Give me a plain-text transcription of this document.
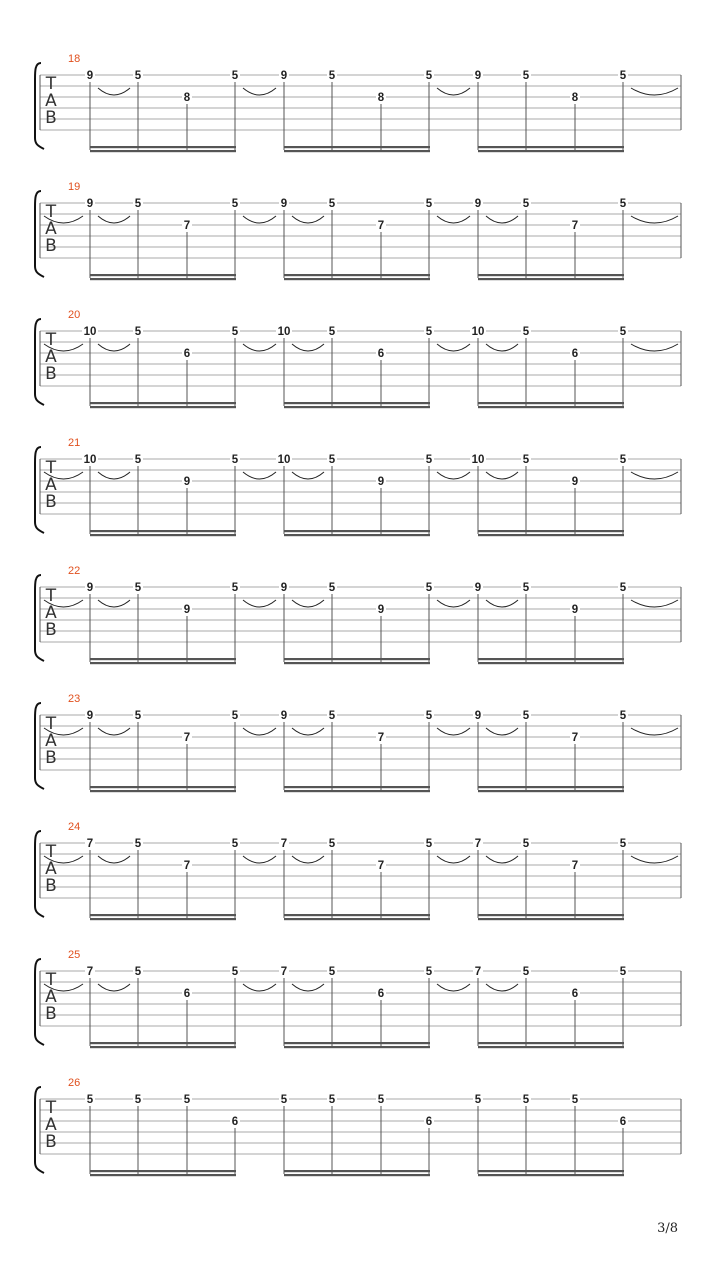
18
T
A
B
9	5
8
5	9	5
8
5	9	5
8
5
19
T
A
B
9	5
7
5	9	5
7
5	9	5
7
5
20
T
A
B
10	5
6
5	10	5
6
5	10	5
6
5
21
T
A
B
10	5
9
5	10	5
9
5	10	5
9
5
22
T
A
B
9	5
9
5	9	5
9
5	9	5
9
5
23
T
A
B
9	5
7
5	9	5
7
5	9	5
7
5
24
T
A
B
7	5
7
5	7	5
7
5	7	5
7
5
25
T
A
B
7	5
6
5	7	5
6
5	7	5
6
5
26
T
A
B
5	5	5
6
5	5	5
6
5	5	5
6
3/8
